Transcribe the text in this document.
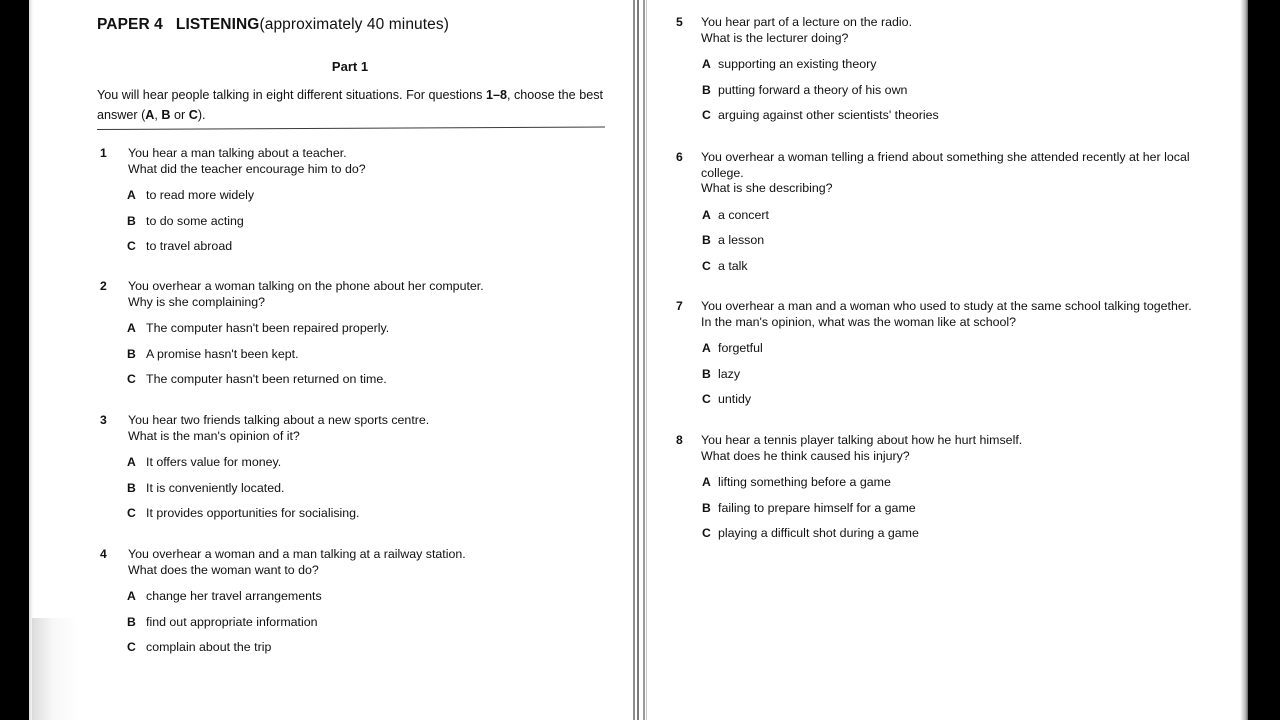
PAPER 4 LISTENING(approximately 40 minutes)
Part 1
You will hear people talking in eight different situations. For questions 1–8, choose the best answer (A, B or C).
1 You hear a man talking about a teacher.
What did the teacher encourage him to do?
A to read more widely
B to do some acting
C to travel abroad
2 You overhear a woman talking on the phone about her computer.
Why is she complaining?
A The computer hasn't been repaired properly.
B A promise hasn't been kept.
C The computer hasn't been returned on time.
3 You hear two friends talking about a new sports centre.
What is the man's opinion of it?
A It offers value for money.
B It is conveniently located.
C It provides opportunities for socialising.
4 You overhear a woman and a man talking at a railway station.
What does the woman want to do?
A change her travel arrangements
B find out appropriate information
C complain about the trip
5 You hear part of a lecture on the radio.
What is the lecturer doing?
A supporting an existing theory
B putting forward a theory of his own
C arguing against other scientists' theories
6 You overhear a woman telling a friend about something she attended recently at her local
college.
What is she describing?
A a concert
B a lesson
C a talk
7 You overhear a man and a woman who used to study at the same school talking together.
In the man's opinion, what was the woman like at school?
A forgetful
B lazy
C untidy
8 You hear a tennis player talking about how he hurt himself.
What does he think caused his injury?
A lifting something before a game
B failing to prepare himself for a game
C playing a difficult shot during a game
